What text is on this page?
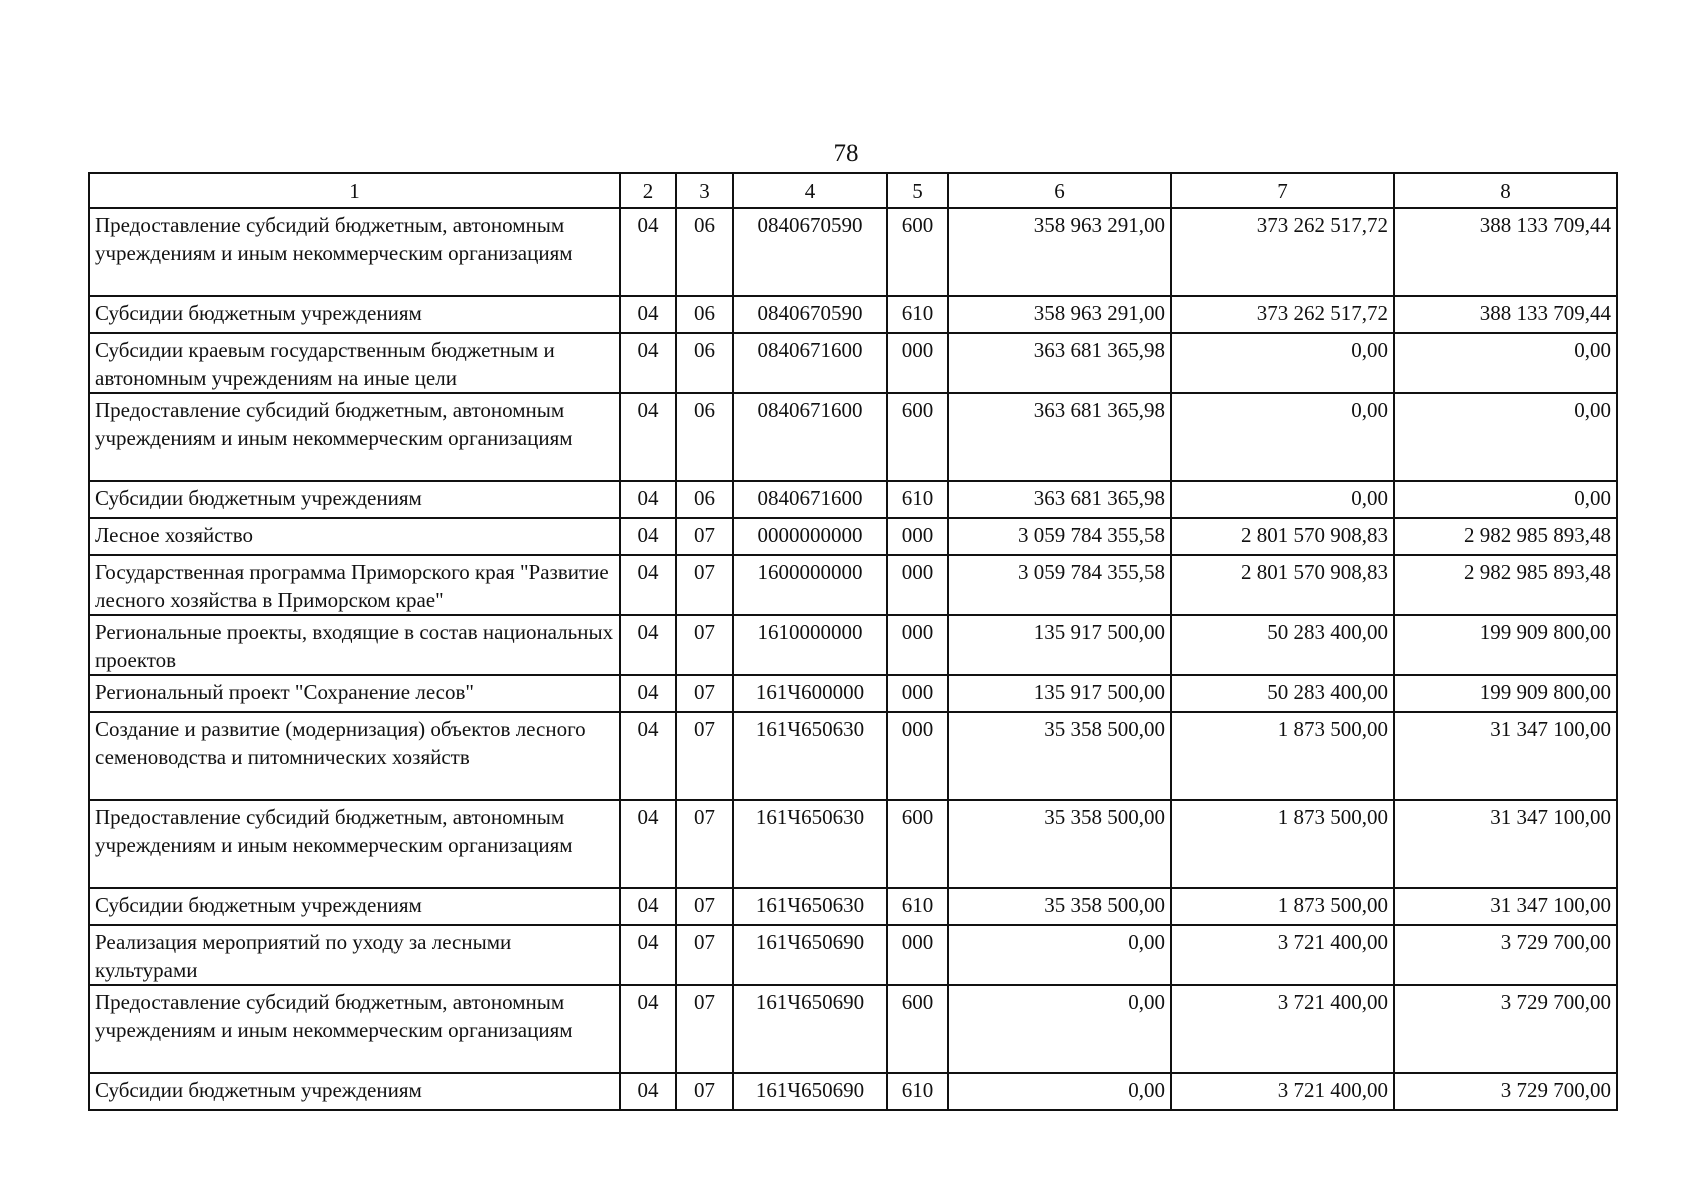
78
1	2	3	4	5	6	7	8
Предоставление субсидий бюджетным, автономным учреждениям и иным некоммерческим организациям	04	06	0840670590	600	358 963 291,00	373 262 517,72	388 133 709,44
Субсидии бюджетным учреждениям	04	06	0840670590	610	358 963 291,00	373 262 517,72	388 133 709,44
Субсидии краевым государственным бюджетным и автономным учреждениям на иные цели	04	06	0840671600	000	363 681 365,98	0,00	0,00
Предоставление субсидий бюджетным, автономным учреждениям и иным некоммерческим организациям	04	06	0840671600	600	363 681 365,98	0,00	0,00
Субсидии бюджетным учреждениям	04	06	0840671600	610	363 681 365,98	0,00	0,00
Лесное хозяйство	04	07	0000000000	000	3 059 784 355,58	2 801 570 908,83	2 982 985 893,48
Государственная программа Приморского края "Развитие лесного хозяйства в Приморском крае"	04	07	1600000000	000	3 059 784 355,58	2 801 570 908,83	2 982 985 893,48
Региональные проекты, входящие в состав национальных проектов	04	07	1610000000	000	135 917 500,00	50 283 400,00	199 909 800,00
Региональный проект "Сохранение лесов"	04	07	161Ч600000	000	135 917 500,00	50 283 400,00	199 909 800,00
Создание и развитие (модернизация) объектов лесного семеноводства и питомнических хозяйств	04	07	161Ч650630	000	35 358 500,00	1 873 500,00	31 347 100,00
Предоставление субсидий бюджетным, автономным учреждениям и иным некоммерческим организациям	04	07	161Ч650630	600	35 358 500,00	1 873 500,00	31 347 100,00
Субсидии бюджетным учреждениям	04	07	161Ч650630	610	35 358 500,00	1 873 500,00	31 347 100,00
Реализация мероприятий по уходу за лесными культурами	04	07	161Ч650690	000	0,00	3 721 400,00	3 729 700,00
Предоставление субсидий бюджетным, автономным учреждениям и иным некоммерческим организациям	04	07	161Ч650690	600	0,00	3 721 400,00	3 729 700,00
Субсидии бюджетным учреждениям	04	07	161Ч650690	610	0,00	3 721 400,00	3 729 700,00
